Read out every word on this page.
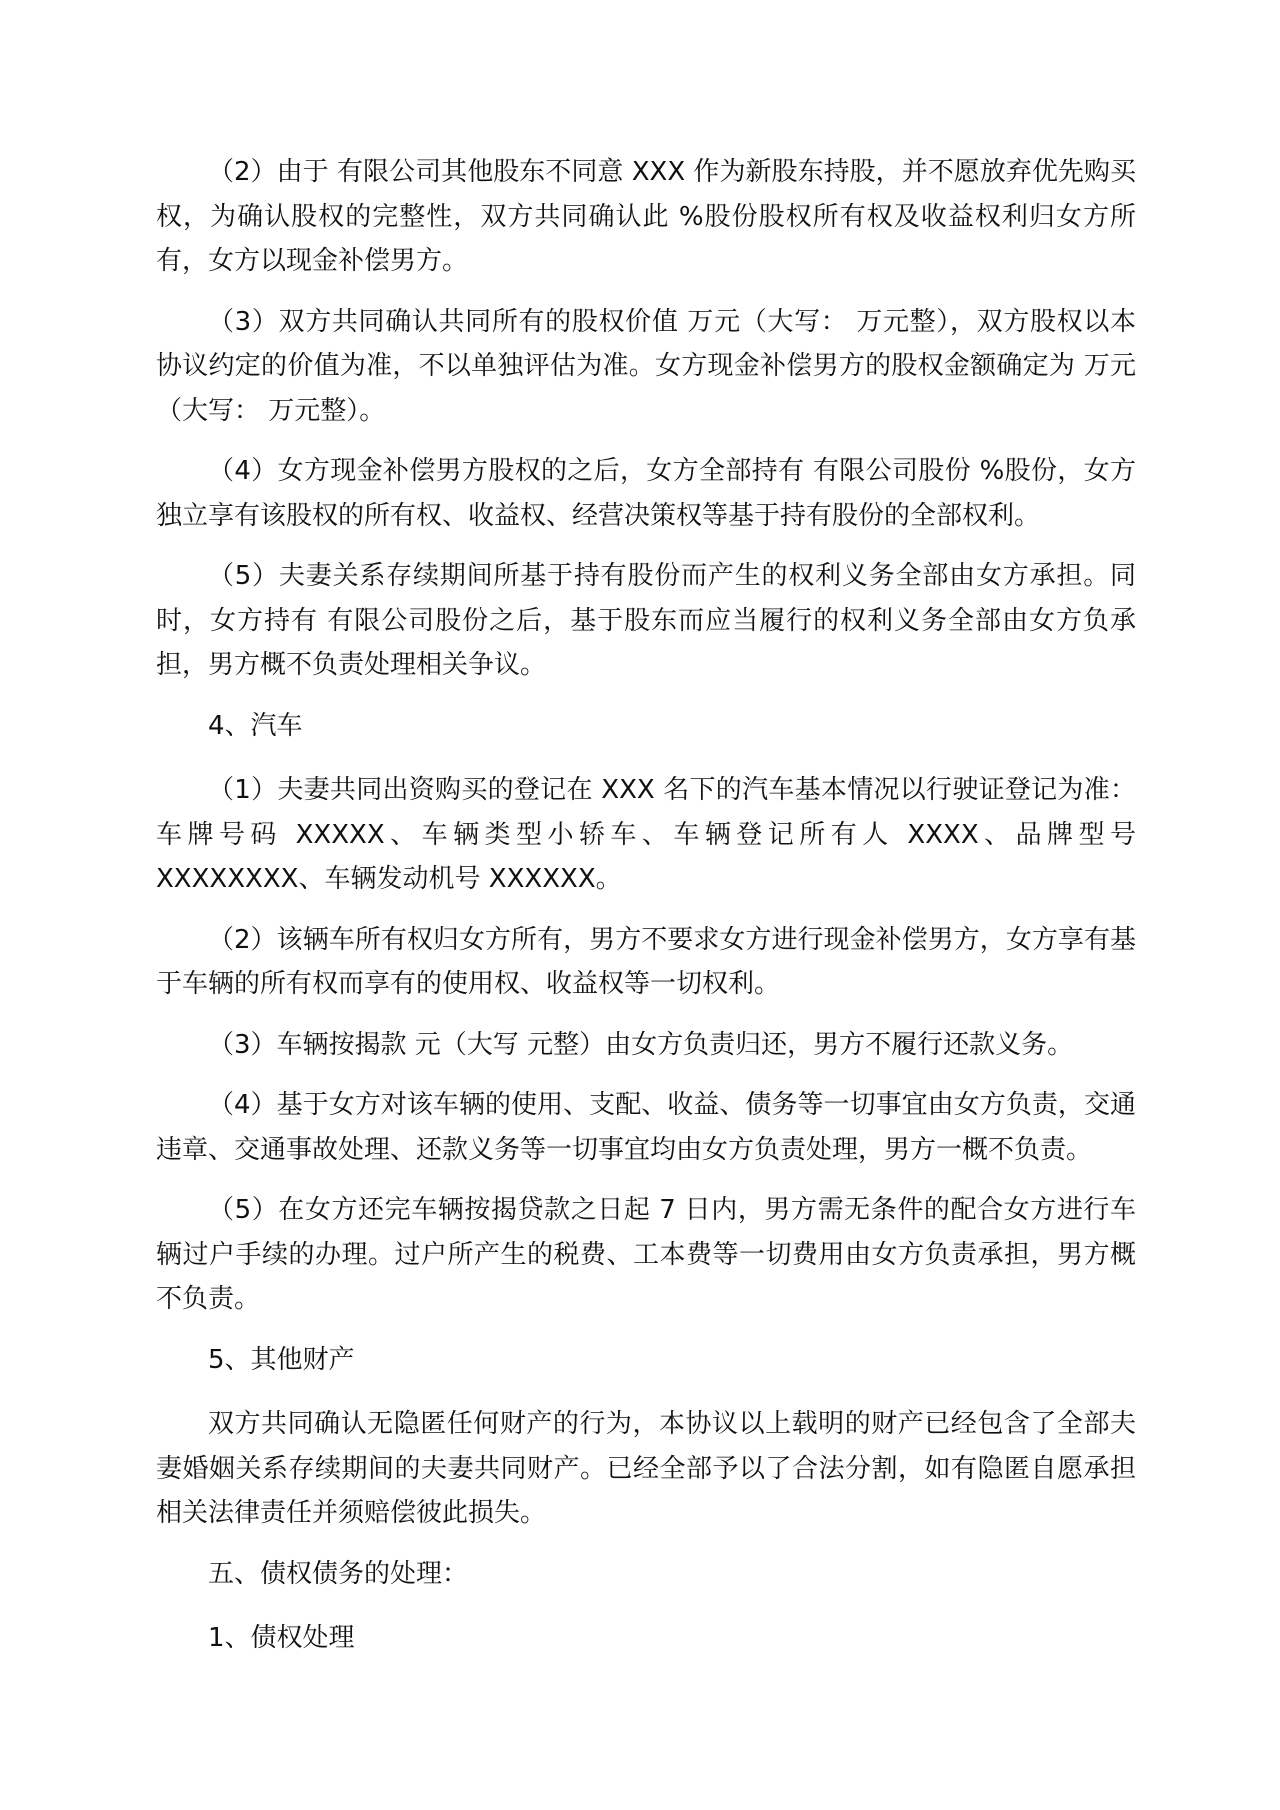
（2）由于 有限公司其他股东不同意 XXX 作为新股东持股，并不愿放弃优先购买权，为确认股权的完整性，双方共同确认此 %股份股权所有权及收益权利归女方所有，女方以现金补偿男方。

（3）双方共同确认共同所有的股权价值 万元（大写： 万元整），双方股权以本协议约定的价值为准，不以单独评估为准。女方现金补偿男方的股权金额确定为 万元（大写： 万元整）。

（4）女方现金补偿男方股权的之后，女方全部持有 有限公司股份 %股份，女方独立享有该股权的所有权、收益权、经营决策权等基于持有股份的全部权利。

（5）夫妻关系存续期间所基于持有股份而产生的权利义务全部由女方承担。同时，女方持有 有限公司股份之后，基于股东而应当履行的权利义务全部由女方负承担，男方概不负责处理相关争议。

4、汽车

（1）夫妻共同出资购买的登记在 XXX 名下的汽车基本情况以行驶证登记为准：车牌号码 XXXXX、车辆类型小轿车、车辆登记所有人 XXXX、品牌型号 XXXXXXXX、车辆发动机号 XXXXXX。

（2）该辆车所有权归女方所有，男方不要求女方进行现金补偿男方，女方享有基于车辆的所有权而享有的使用权、收益权等一切权利。

（3）车辆按揭款 元（大写 元整）由女方负责归还，男方不履行还款义务。

（4）基于女方对该车辆的使用、支配、收益、债务等一切事宜由女方负责，交通违章、交通事故处理、还款义务等一切事宜均由女方负责处理，男方一概不负责。

（5）在女方还完车辆按揭贷款之日起 7 日内，男方需无条件的配合女方进行车辆过户手续的办理。过户所产生的税费、工本费等一切费用由女方负责承担，男方概不负责。

5、其他财产

双方共同确认无隐匿任何财产的行为，本协议以上载明的财产已经包含了全部夫妻婚姻关系存续期间的夫妻共同财产。已经全部予以了合法分割，如有隐匿自愿承担相关法律责任并须赔偿彼此损失。

五、债权债务的处理：

1、债权处理
